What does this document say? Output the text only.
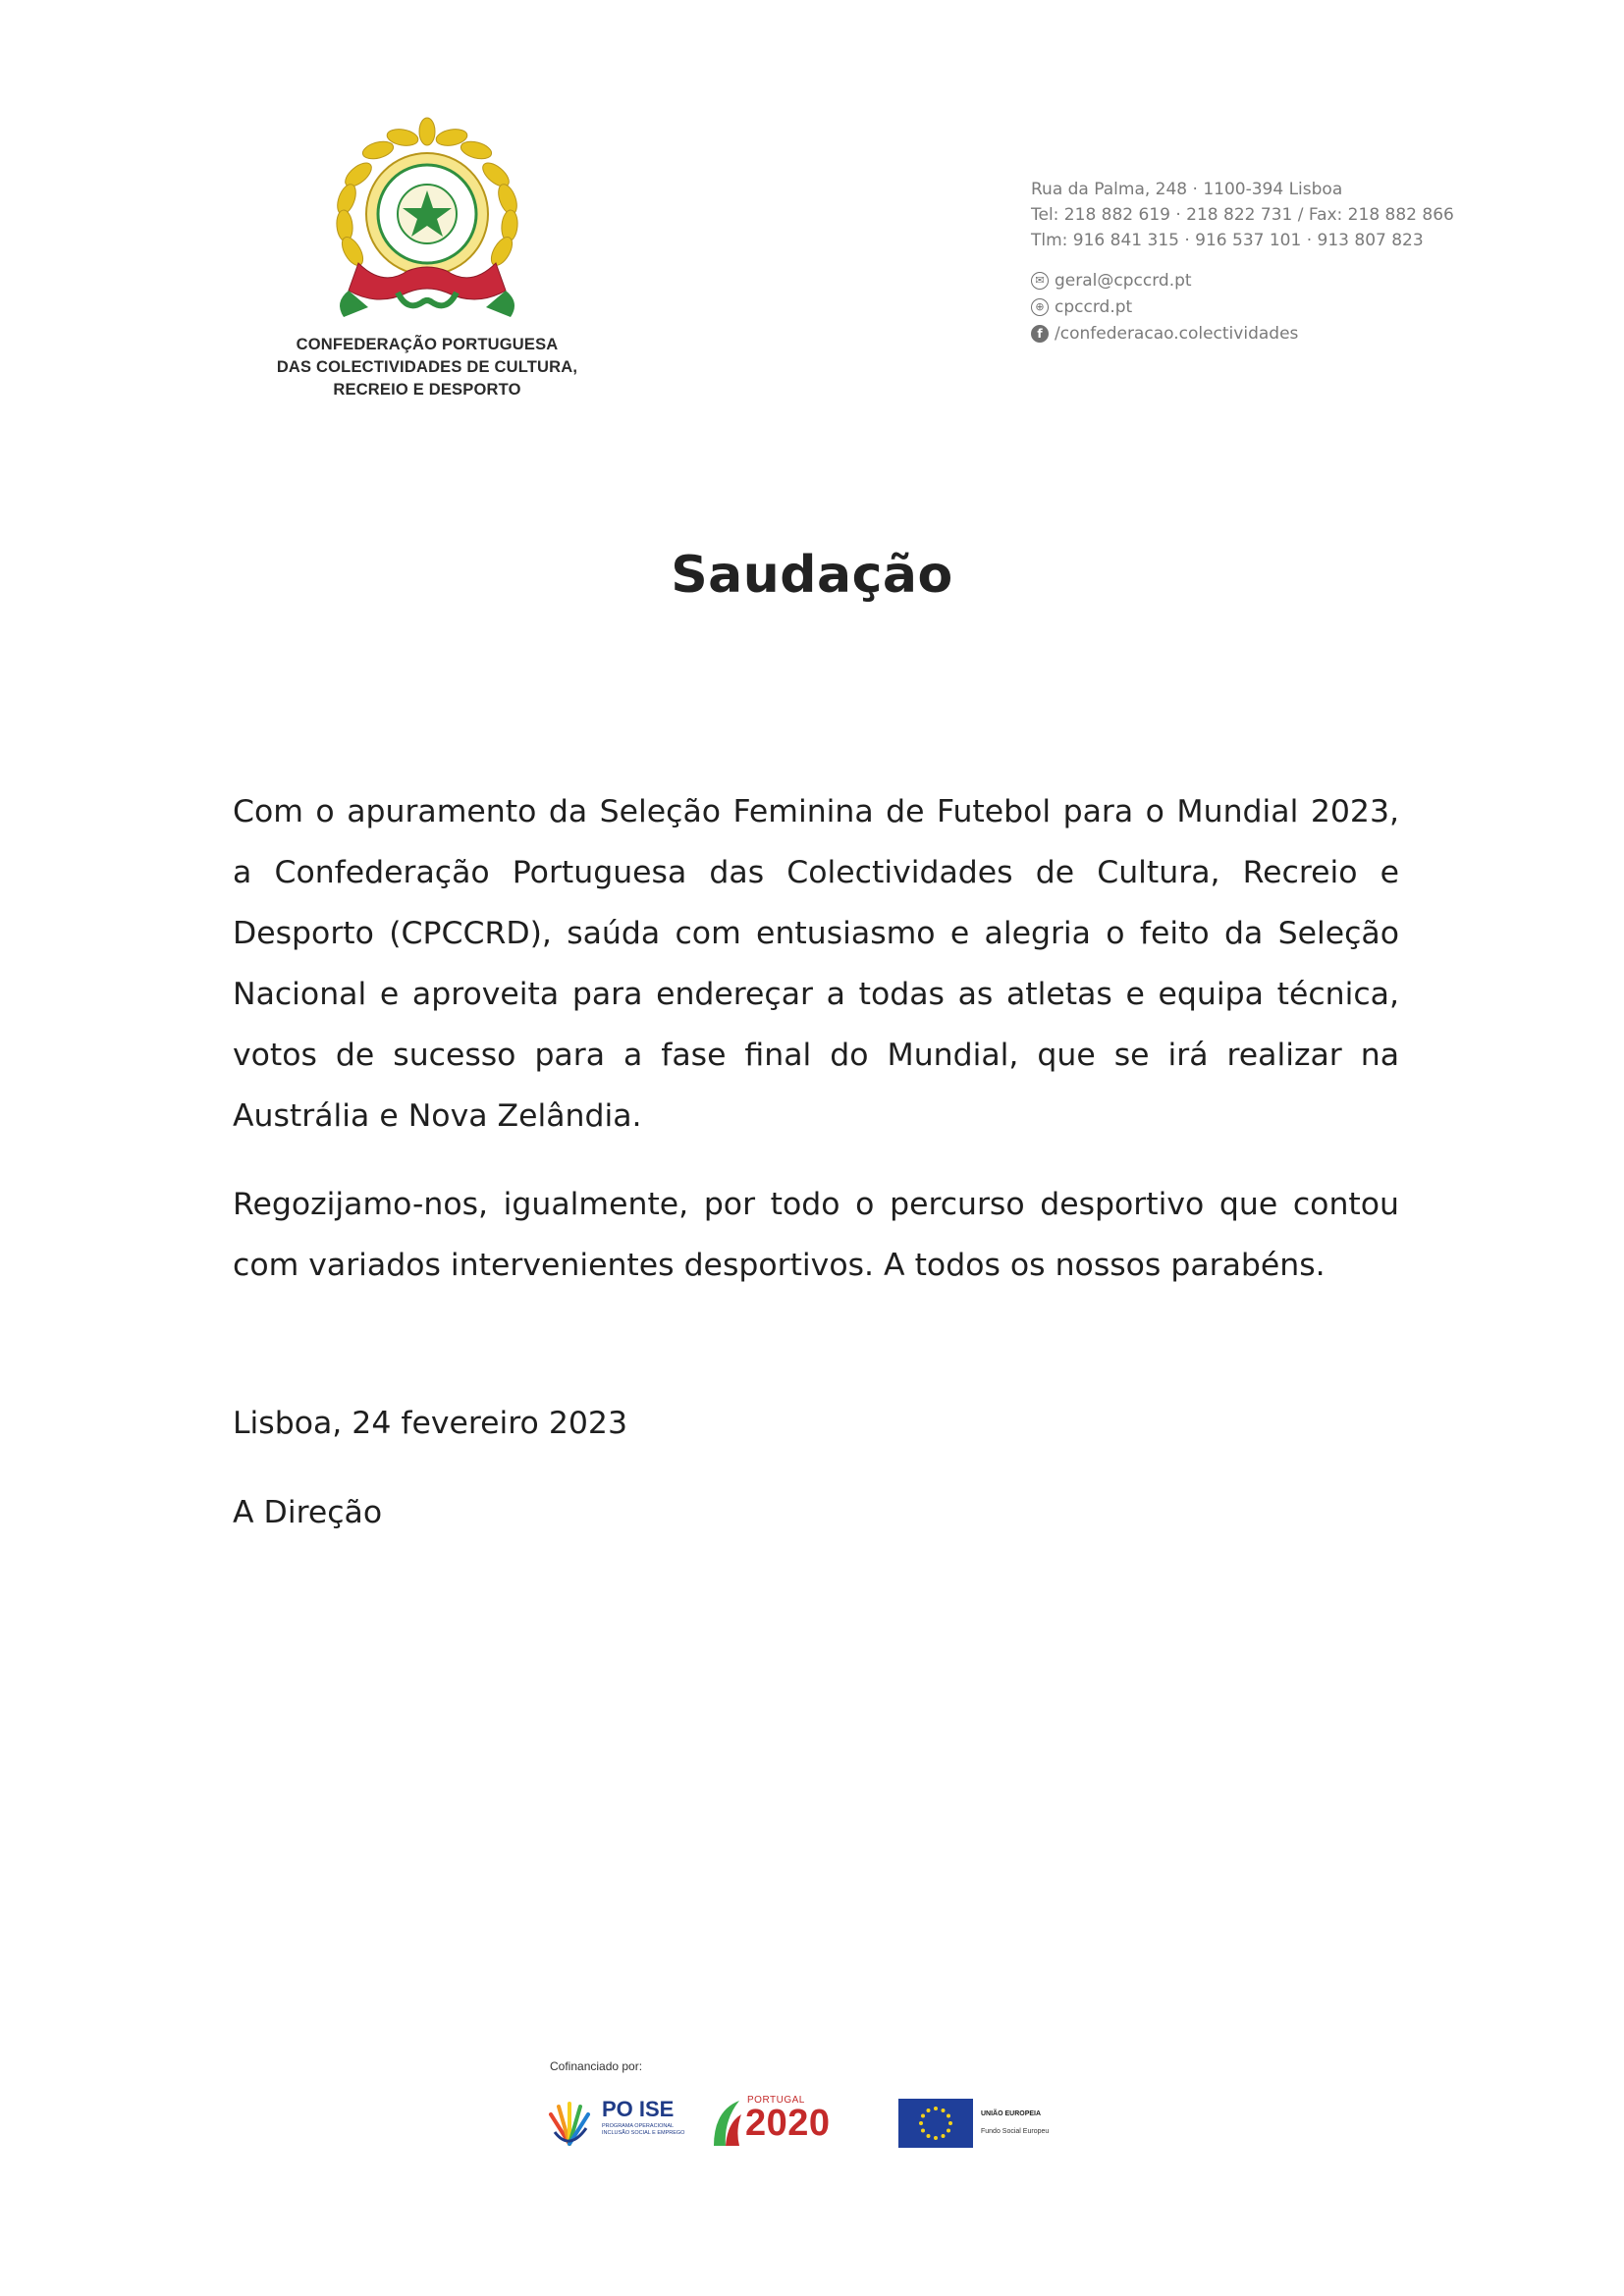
CONFEDERAÇÃO PORTUGUESA
DAS COLECTIVIDADES DE CULTURA,
RECREIO E DESPORTO
Rua da Palma, 248 · 1100-394 Lisboa
Tel: 218 882 619 · 218 822 731 / Fax: 218 882 866
Tlm: 916 841 315 · 916 537 101 · 913 807 823
✉ geral@cpccrd.pt
⊕ cpccrd.pt
f /confederacao.colectividades
Saudação

Com o apuramento da Seleção Feminina de Futebol para o Mundial 2023, a Confederação Portuguesa das Colectividades de Cultura, Recreio e Desporto (CPCCRD), saúda com entusiasmo e alegria o feito da Seleção Nacional e aproveita para endereçar a todas as atletas e equipa técnica, votos de sucesso para a fase final do Mundial, que se irá realizar na Austrália e Nova Zelândia.

Regozijamo-nos, igualmente, por todo o percurso desportivo que contou com variados intervenientes desportivos. A todos os nossos parabéns.

Lisboa, 24 fevereiro 2023
A Direção
Cofinanciado por:
PO ISE
PROGRAMA OPERACIONAL INCLUSÃO SOCIAL E EMPREGO
PORTUGAL
2020	UNIÃO EUROPEIA
Fundo Social Europeu
